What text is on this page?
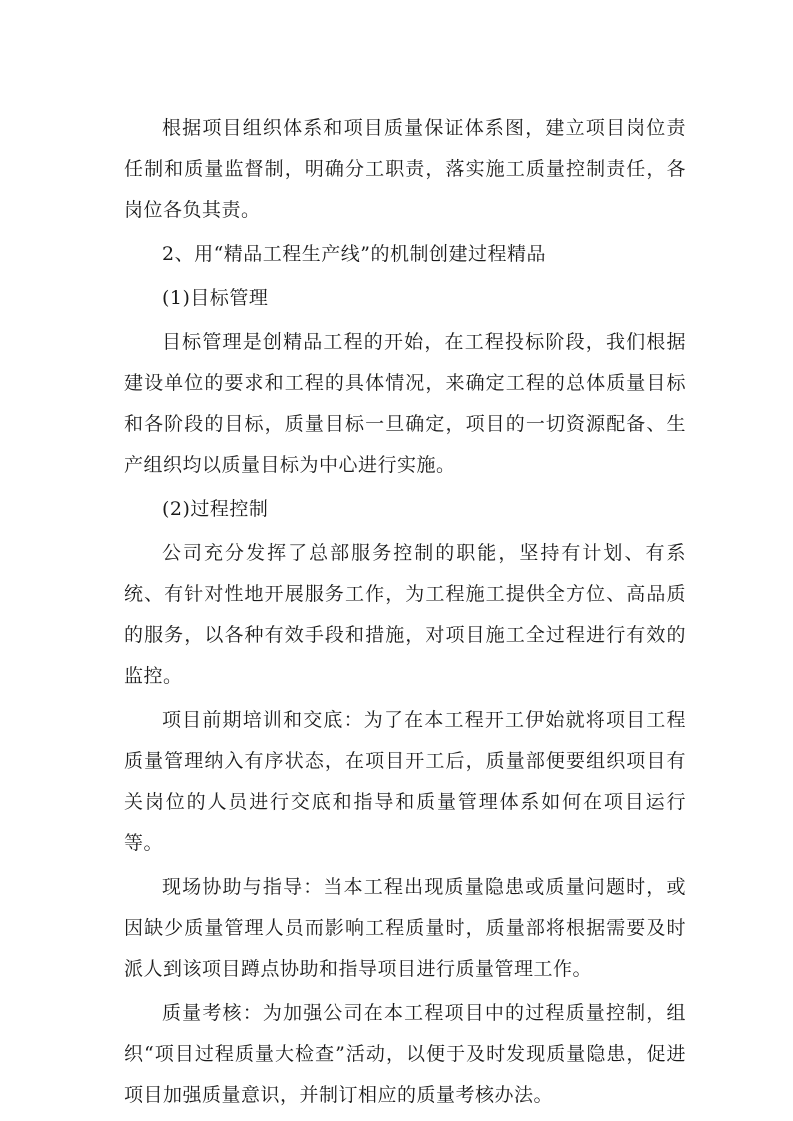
根据项目组织体系和项目质量保证体系图，建立项目岗位责任制和质量监督制，明确分工职责，落实施工质量控制责任，各岗位各负其责。

2、用“精品工程生产线”的机制创建过程精品

(1)目标管理

目标管理是创精品工程的开始，在工程投标阶段，我们根据建设单位的要求和工程的具体情况，来确定工程的总体质量目标和各阶段的目标，质量目标一旦确定，项目的一切资源配备、生产组织均以质量目标为中心进行实施。

(2)过程控制

公司充分发挥了总部服务控制的职能，坚持有计划、有系统、有针对性地开展服务工作，为工程施工提供全方位、高品质的服务，以各种有效手段和措施，对项目施工全过程进行有效的监控。

项目前期培训和交底：为了在本工程开工伊始就将项目工程质量管理纳入有序状态，在项目开工后，质量部便要组织项目有关岗位的人员进行交底和指导和质量管理体系如何在项目运行等。

现场协助与指导：当本工程出现质量隐患或质量问题时，或因缺少质量管理人员而影响工程质量时，质量部将根据需要及时派人到该项目蹲点协助和指导项目进行质量管理工作。

质量考核：为加强公司在本工程项目中的过程质量控制，组织“项目过程质量大检查”活动，以便于及时发现质量隐患，促进项目加强质量意识，并制订相应的质量考核办法。
